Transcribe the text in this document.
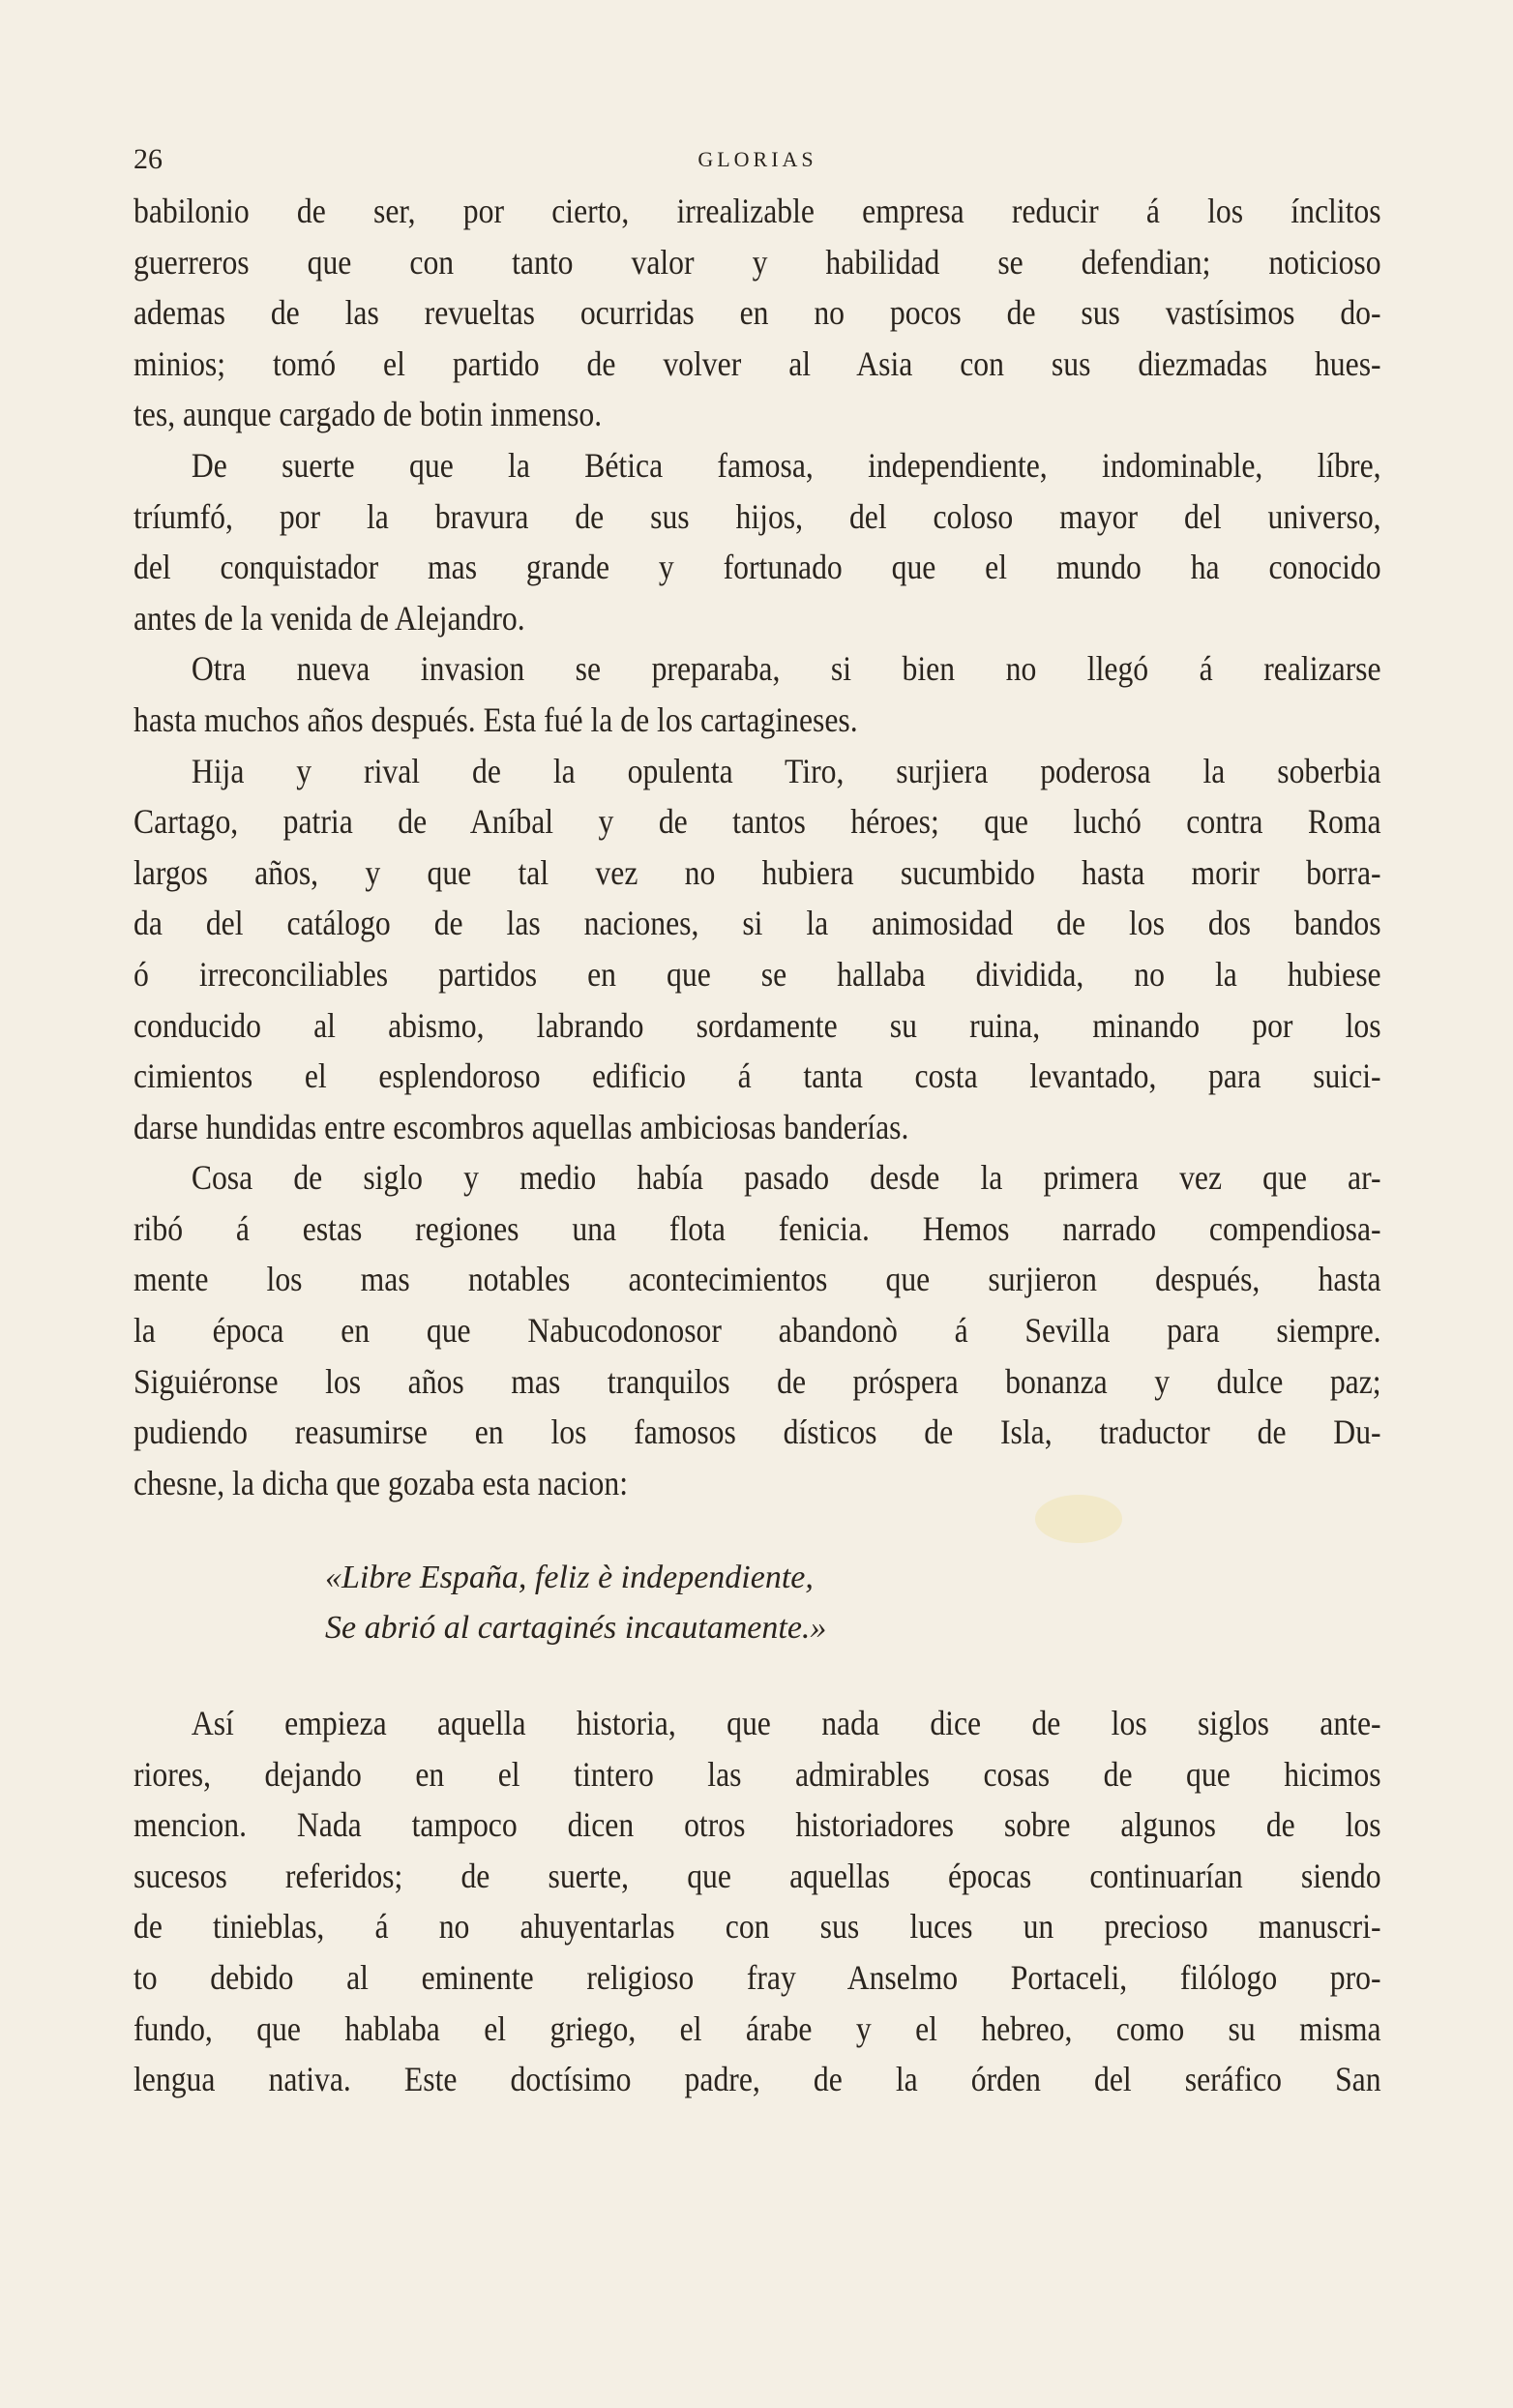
26	GLORIAS
babilonio de ser, por cierto, irrealizable empresa reducir á los ínclitos
guerreros que con tanto valor y habilidad se defendian; noticioso
ademas de las revueltas ocurridas en no pocos de sus vastísimos do-
minios; tomó el partido de volver al Asia con sus diezmadas hues-
tes, aunque cargado de botin inmenso.
De suerte que la Bética famosa, independiente, indominable, líbre,
tríumfó, por la bravura de sus hijos, del coloso mayor del universo,
del conquistador mas grande y fortunado que el mundo ha conocido
antes de la venida de Alejandro.
Otra nueva invasion se preparaba, si bien no llegó á realizarse
hasta muchos años después. Esta fué la de los cartagineses.
Hija y rival de la opulenta Tiro, surjiera poderosa la soberbia
Cartago, patria de Aníbal y de tantos héroes; que luchó contra Roma
largos años, y que tal vez no hubiera sucumbido hasta morir borra-
da del catálogo de las naciones, si la animosidad de los dos bandos
ó irreconciliables partidos en que se hallaba dividida, no la hubiese
conducido al abismo, labrando sordamente su ruina, minando por los
cimientos el esplendoroso edificio á tanta costa levantado, para suici-
darse hundidas entre escombros aquellas ambiciosas banderías.
Cosa de siglo y medio había pasado desde la primera vez que ar-
ribó á estas regiones una flota fenicia. Hemos narrado compendiosa-
mente los mas notables acontecimientos que surjieron después, hasta
la época en que Nabucodonosor abandonò á Sevilla para siempre.
Siguiéronse los años mas tranquilos de próspera bonanza y dulce paz;
pudiendo reasumirse en los famosos dísticos de Isla, traductor de Du-
chesne, la dicha que gozaba esta nacion:
«Libre España, feliz è independiente,
Se abrió al cartaginés incautamente.»
Así empieza aquella historia, que nada dice de los siglos ante-
riores, dejando en el tintero las admirables cosas de que hicimos
mencion. Nada tampoco dicen otros historiadores sobre algunos de los
sucesos referidos; de suerte, que aquellas épocas continuarían siendo
de tinieblas, á no ahuyentarlas con sus luces un precioso manuscri-
to debido al eminente religioso fray Anselmo Portaceli, filólogo pro-
fundo, que hablaba el griego, el árabe y el hebreo, como su misma
lengua nativa. Este doctísimo padre, de la órden del seráfico San
